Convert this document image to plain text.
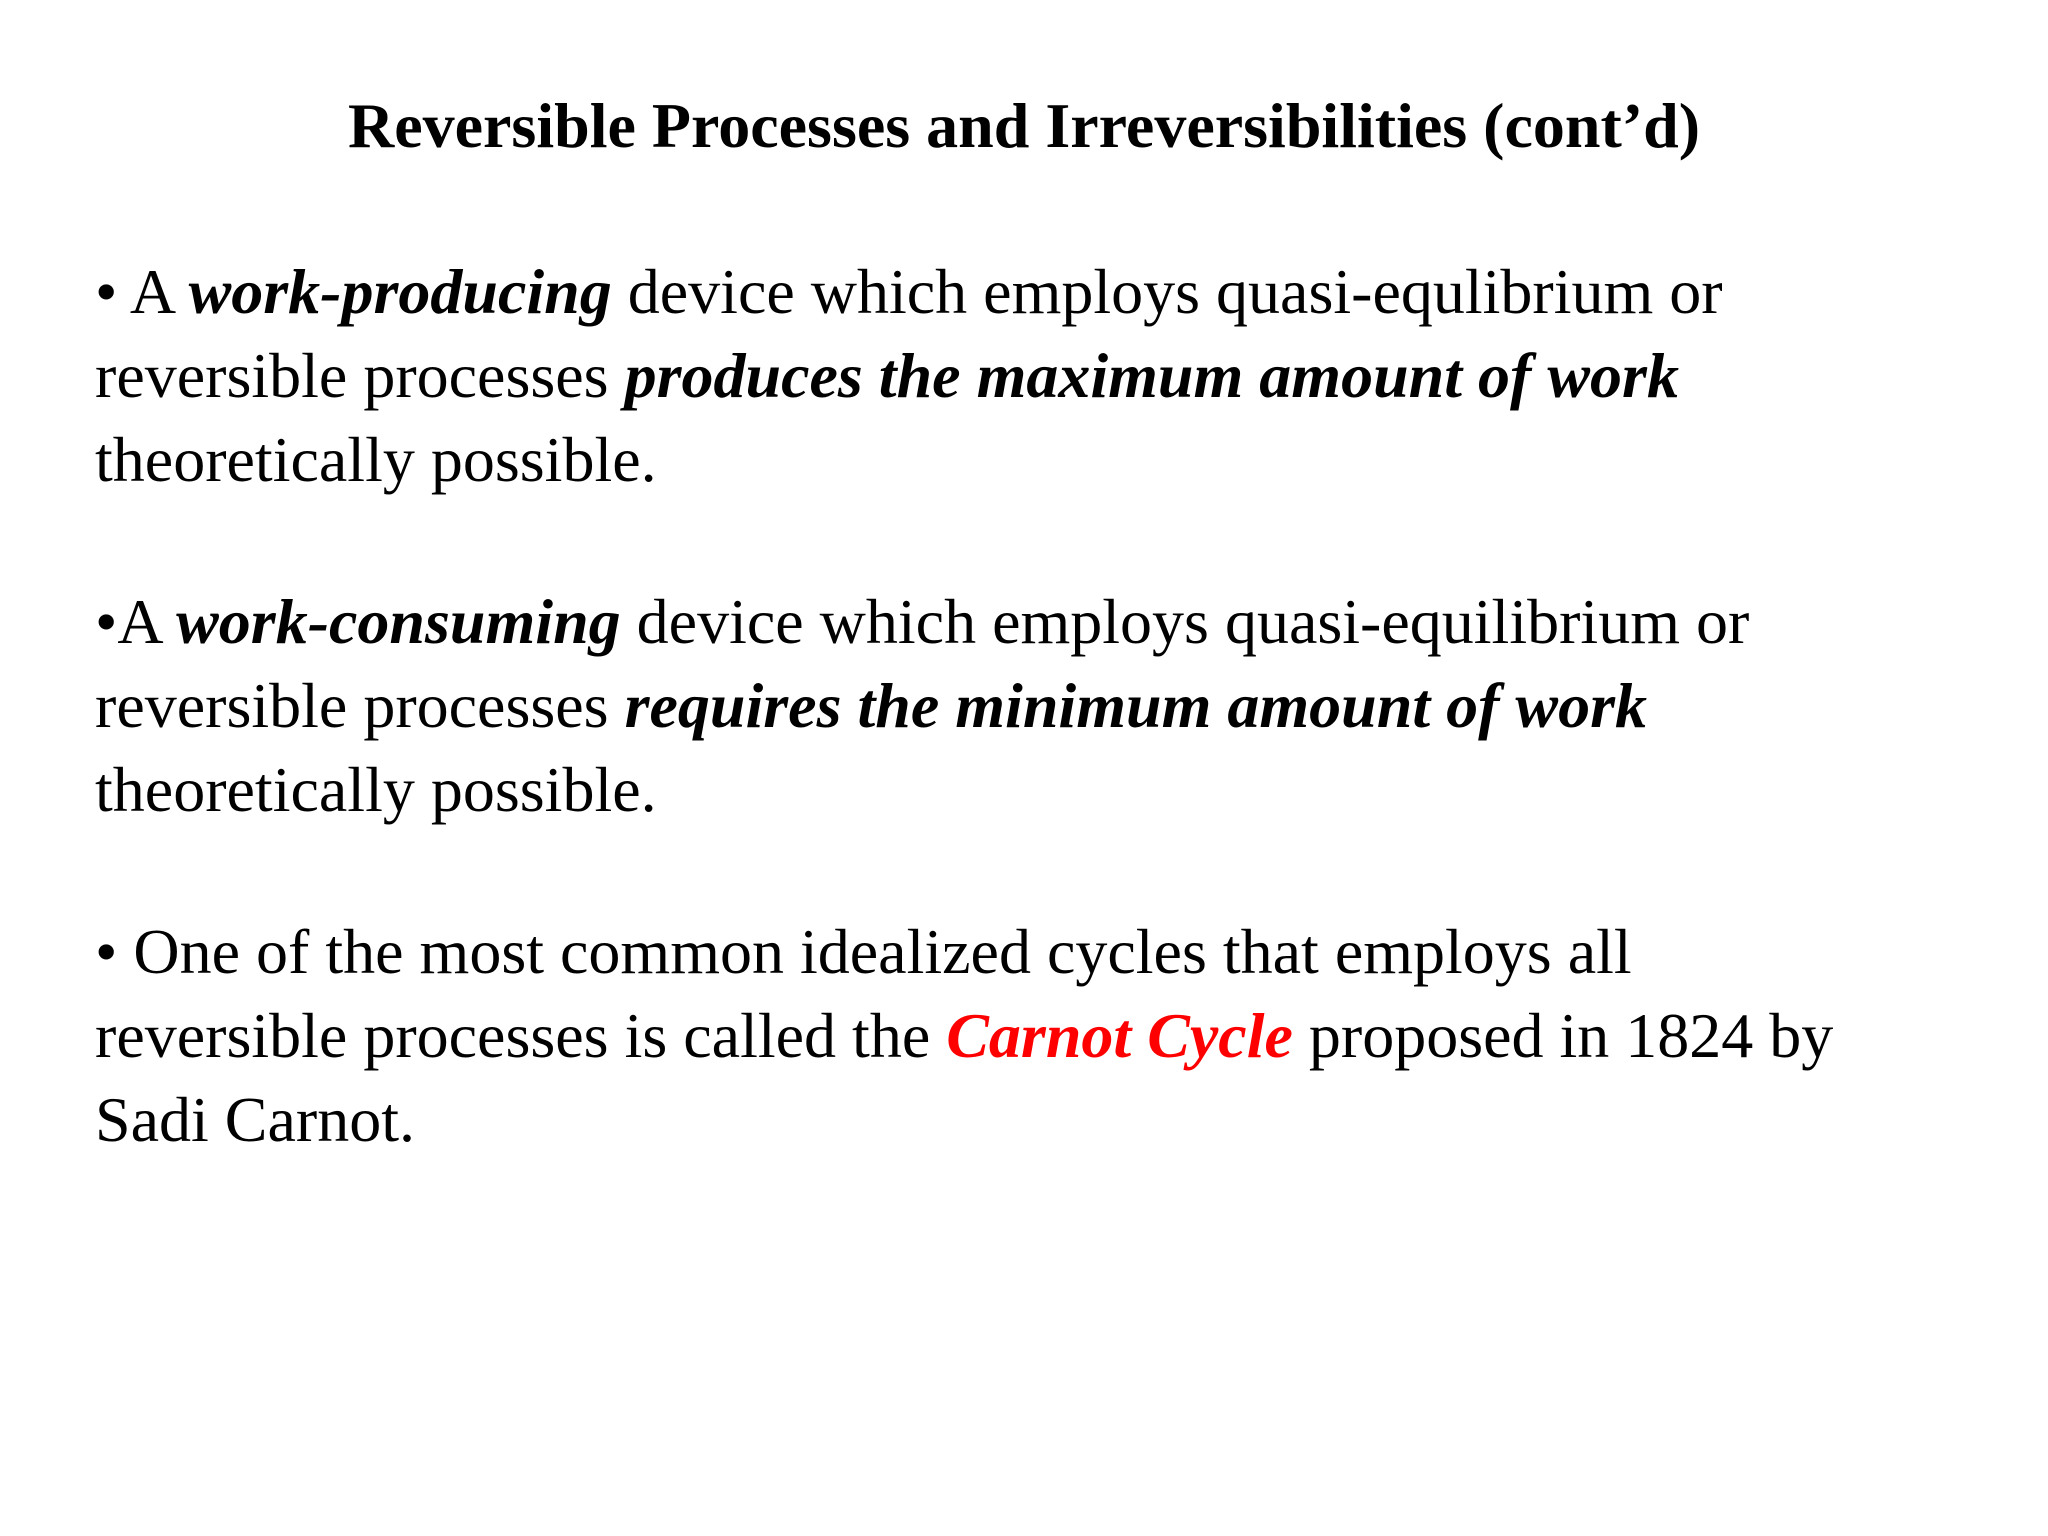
Reversible Processes and Irreversibilities (cont’d)

• A work-producing device which employs quasi-equlibrium or
reversible processes produces the maximum amount of work
theoretically possible.

•A work-consuming device which employs quasi-equilibrium or
reversible processes requires the minimum amount of work
theoretically possible.

• One of the most common idealized cycles that employs all
reversible processes is called the Carnot Cycle proposed in 1824 by
Sadi Carnot.
